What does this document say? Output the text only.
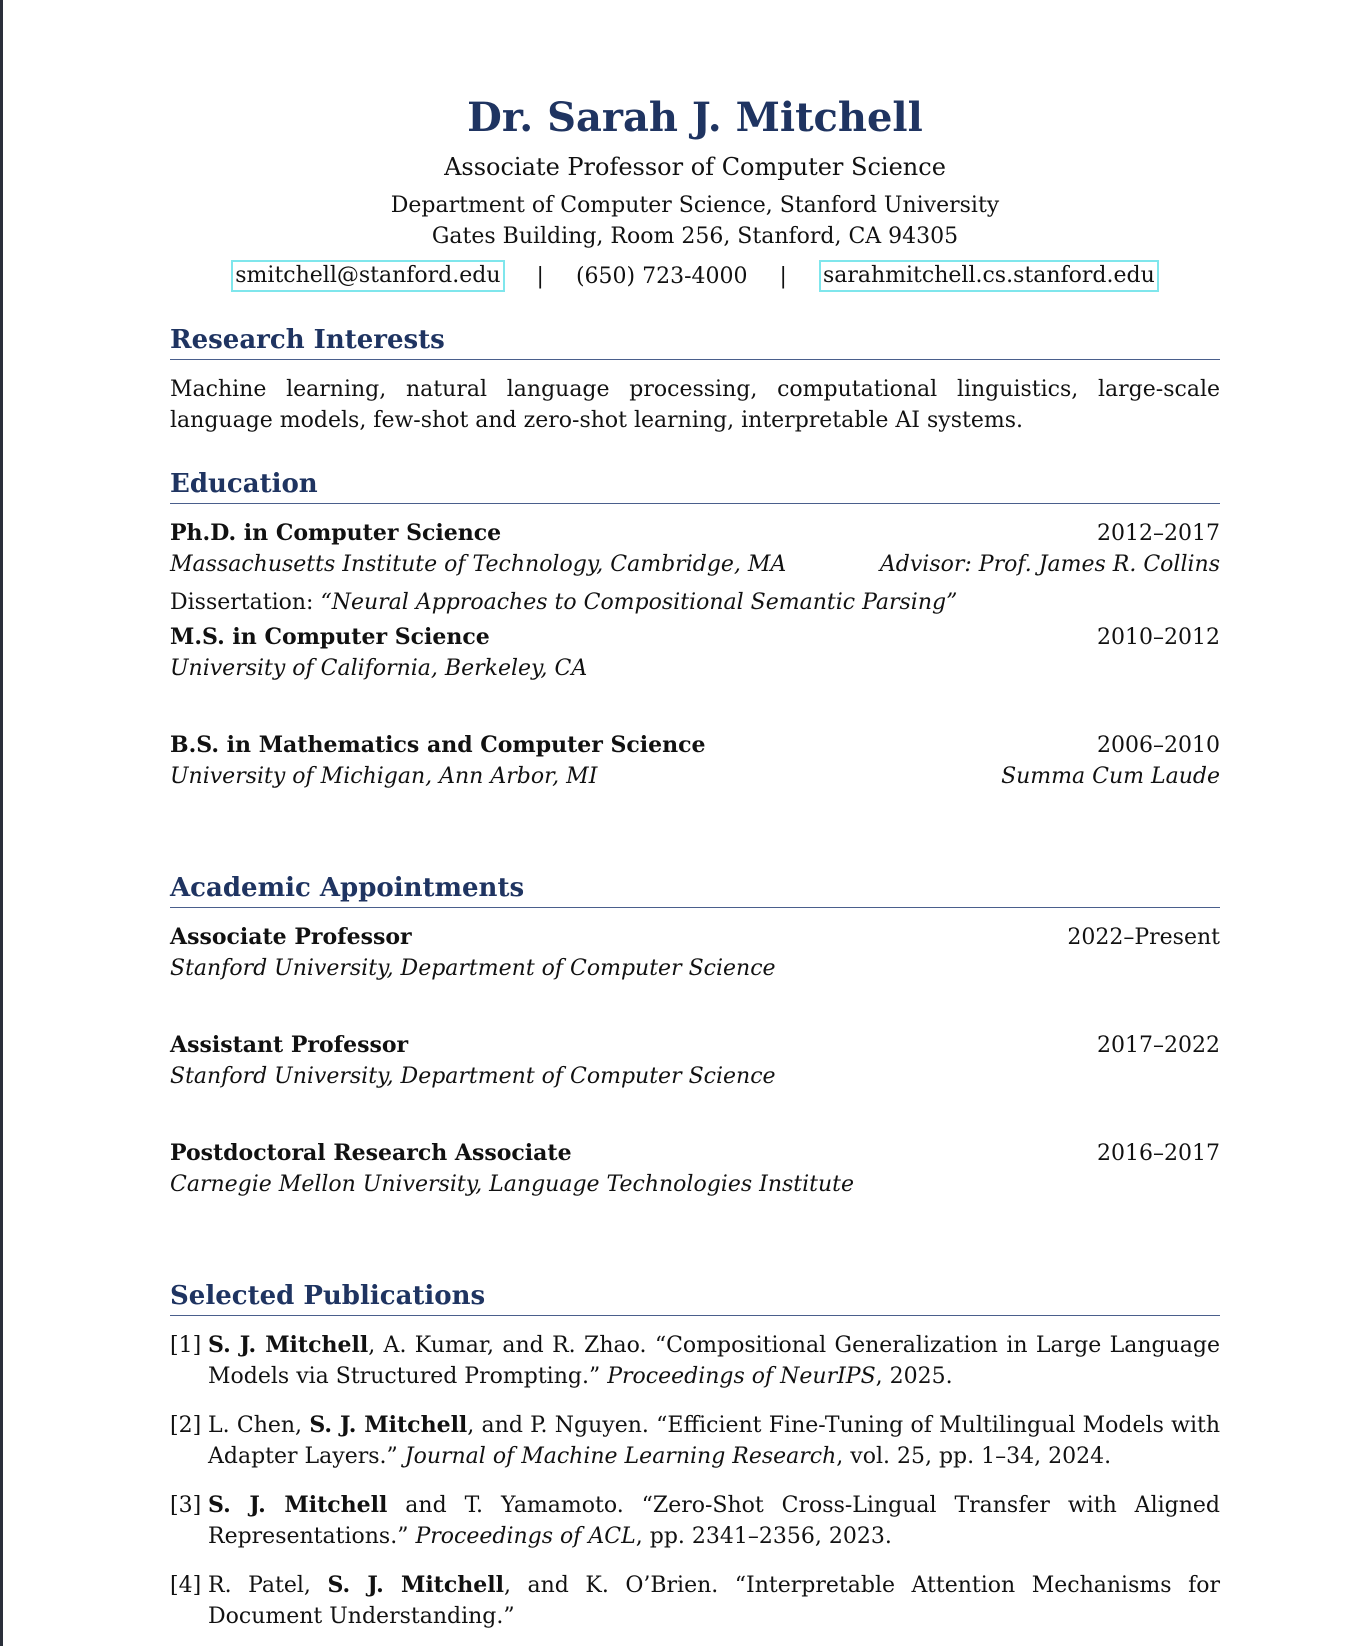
Dr. Sarah J. Mitchell
Associate Professor of Computer Science
Department of Computer Science, Stanford University
Gates Building, Room 256, Stanford, CA 94305
smitchell@stanford.edu	|	(650) 723-4000	|	sarahmitchell.cs.stanford.edu
Research Interests
Machine learning, natural language processing, computational linguistics, large-scale language models, few-shot and zero-shot learning, interpretable AI systems.
Education
Ph.D. in Computer Science	2012–2017
Massachusetts Institute of Technology, Cambridge, MA	Advisor: Prof. James R. Collins
Dissertation: “Neural Approaches to Compositional Semantic Parsing”
M.S. in Computer Science	2010–2012
University of California, Berkeley, CA
B.S. in Mathematics and Computer Science	2006–2010
University of Michigan, Ann Arbor, MI	Summa Cum Laude
Academic Appointments
Associate Professor	2022–Present
Stanford University, Department of Computer Science
Assistant Professor	2017–2022
Stanford University, Department of Computer Science
Postdoctoral Research Associate	2016–2017
Carnegie Mellon University, Language Technologies Institute
Selected Publications
[1] S. J. Mitchell, A. Kumar, and R. Zhao. “Compositional Generalization in Large Language Models via Structured Prompting.” Proceedings of NeurIPS, 2025.
[2] L. Chen, S. J. Mitchell, and P. Nguyen. “Efficient Fine-Tuning of Multilingual Models with Adapter Layers.” Journal of Machine Learning Research, vol. 25, pp. 1–34, 2024.
[3] S. J. Mitchell and T. Yamamoto. “Zero-Shot Cross-Lingual Transfer with Aligned Representations.” Proceedings of ACL, pp. 2341–2356, 2023.
[4] R. Patel, S. J. Mitchell, and K. O’Brien. “Interpretable Attention Mechanisms for Document Understanding.”
